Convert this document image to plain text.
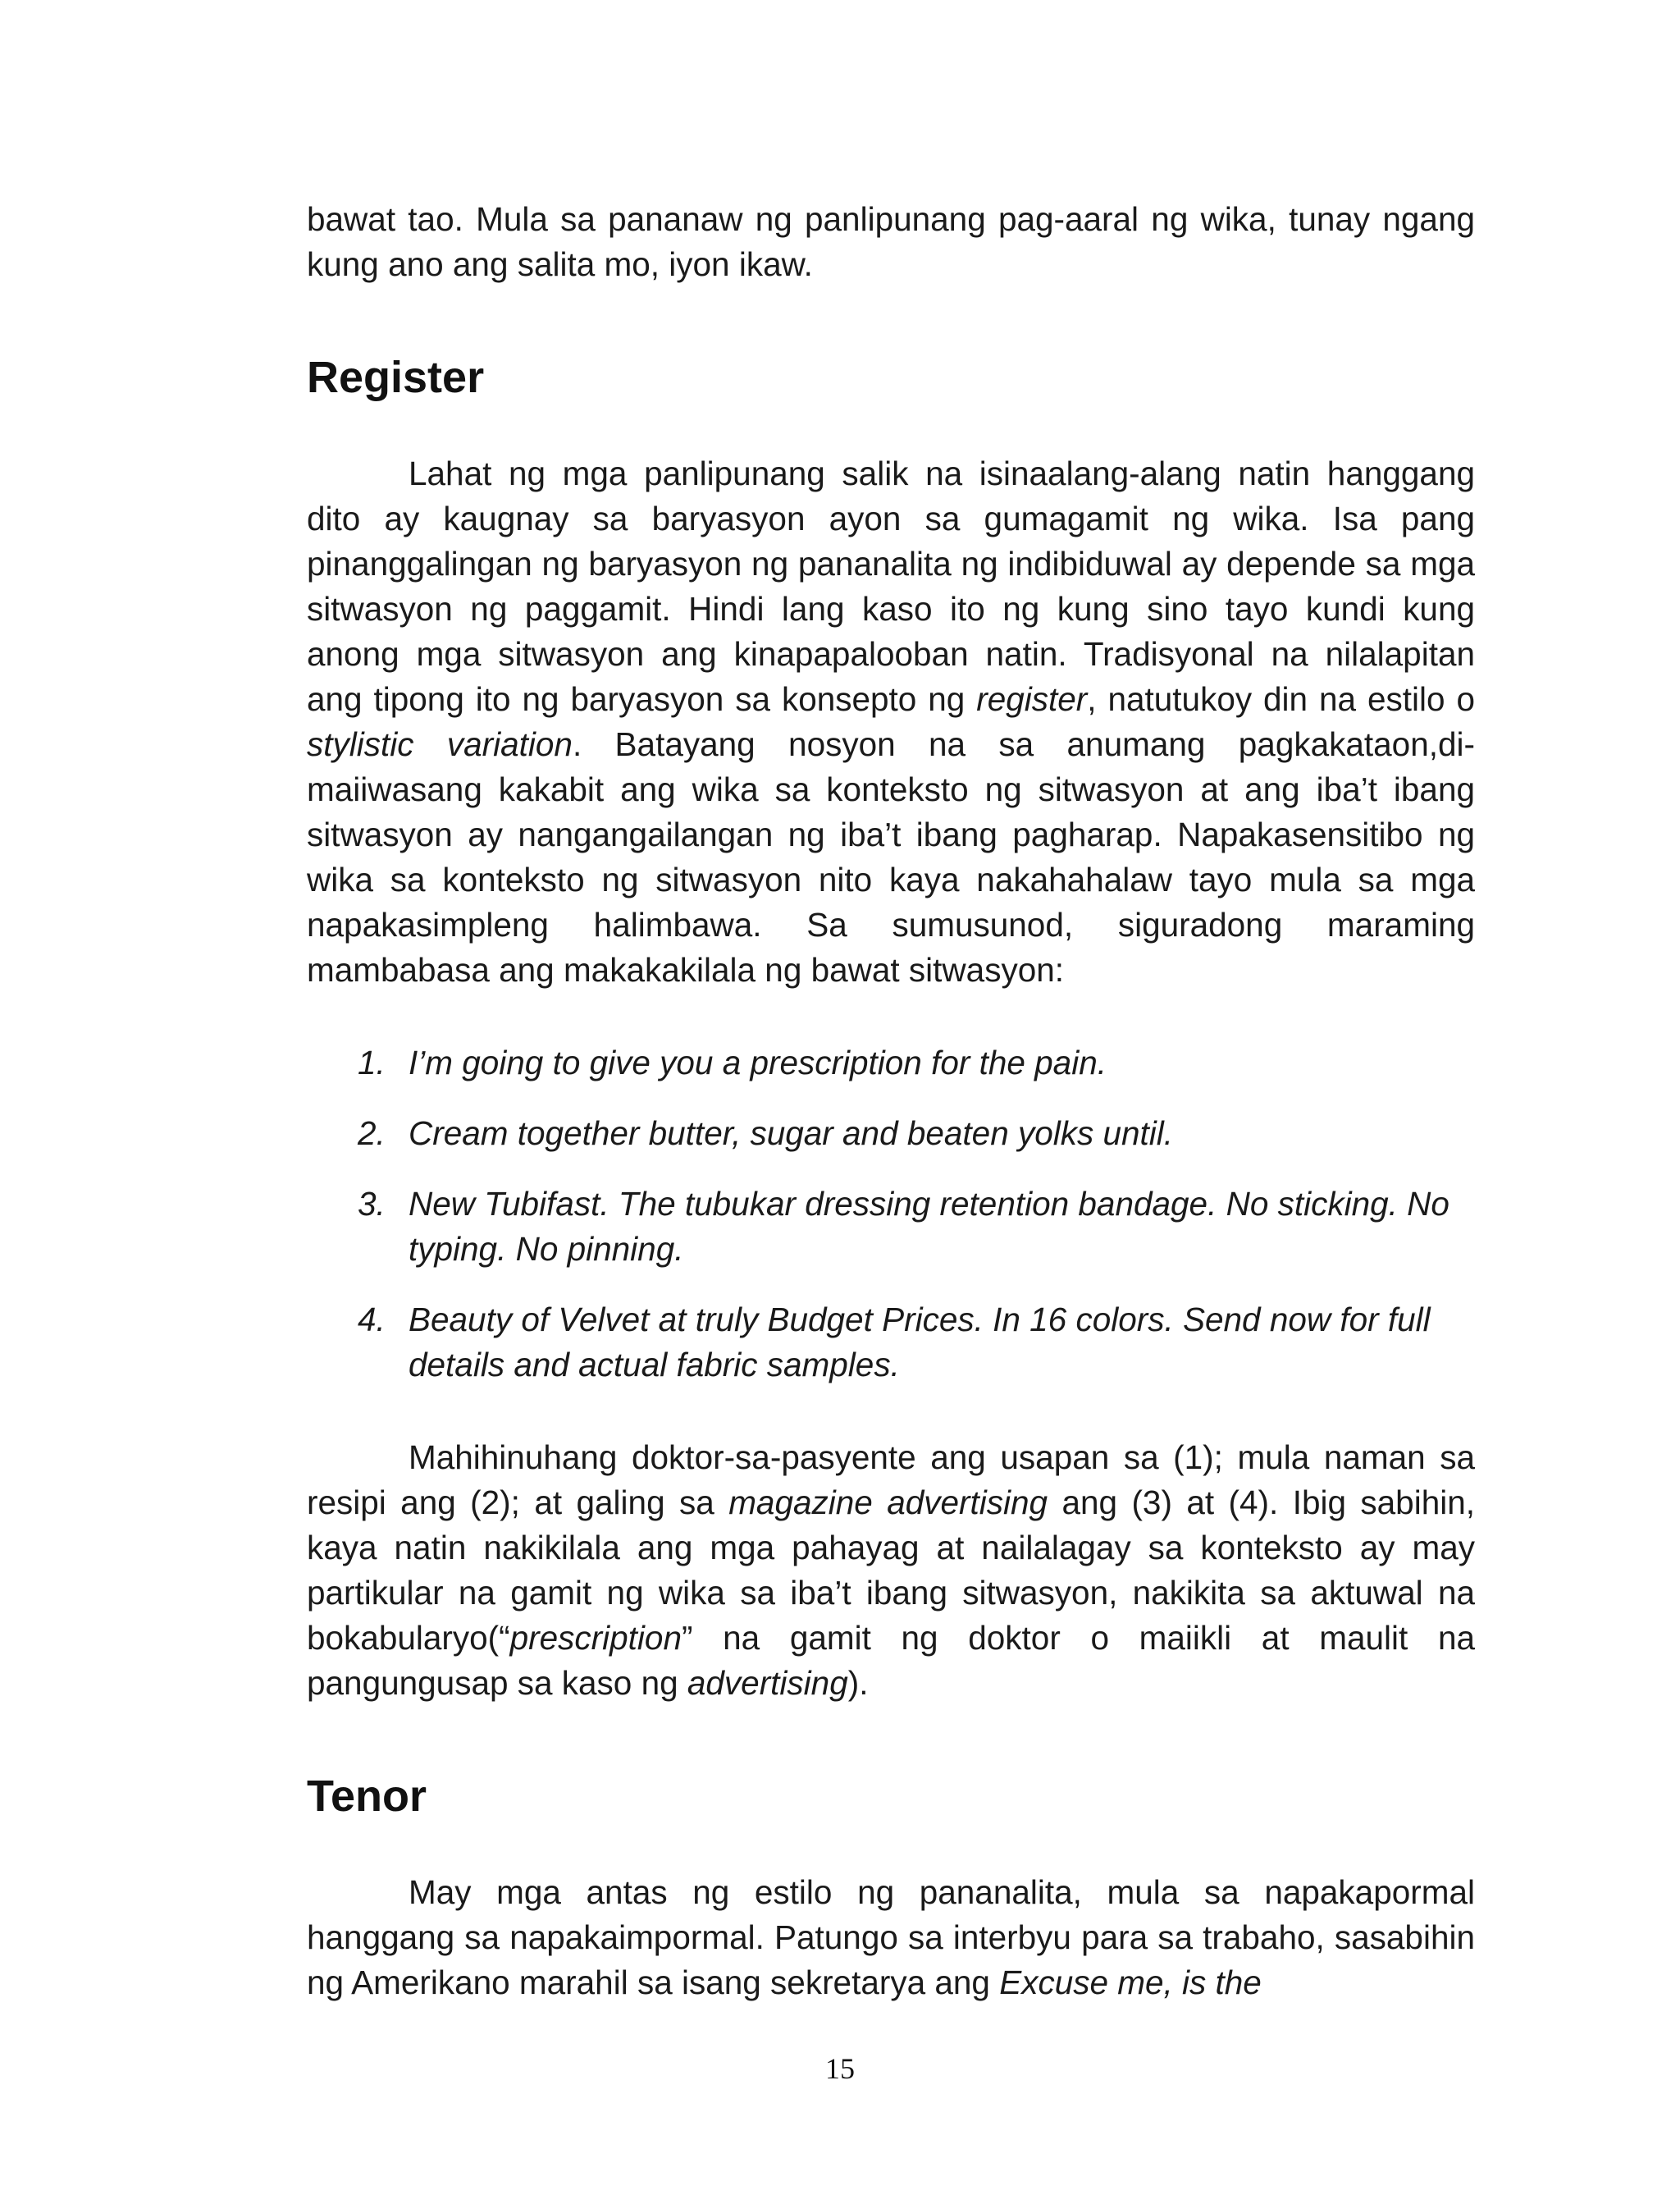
bawat tao. Mula sa pananaw ng panlipunang pag-aaral ng wika, tunay ngang kung ano ang salita mo, iyon ikaw.

Register

Lahat ng mga panlipunang salik na isinaalang-alang natin hanggang dito ay kaugnay sa baryasyon ayon sa gumagamit ng wika. Isa pang pinanggalingan ng baryasyon ng pananalita ng indibiduwal ay depende sa mga sitwasyon ng paggamit. Hindi lang kaso ito ng kung sino tayo kundi kung anong mga sitwasyon ang kinapapalooban natin. Tradisyonal na nilalapitan ang tipong ito ng baryasyon sa konsepto ng register, natutukoy din na estilo o stylistic variation. Batayang nosyon na sa anumang pagkakataon,di-maiiwasang kakabit ang wika sa konteksto ng sitwasyon at ang iba’t ibang sitwasyon ay nangangailangan ng iba’t ibang pagharap. Napakasensitibo ng wika sa konteksto ng sitwasyon nito kaya nakahahalaw tayo mula sa mga napakasimpleng halimbawa. Sa sumusunod, siguradong maraming mambabasa ang makakakilala ng bawat sitwasyon:

1. I’m going to give you a prescription for the pain.
2. Cream together butter, sugar and beaten yolks until.
3. New Tubifast. The tubukar dressing retention bandage. No sticking. No typing. No pinning.
4. Beauty of Velvet at truly Budget Prices. In 16 colors. Send now for full details and actual fabric samples.

Mahihinuhang doktor-sa-pasyente ang usapan sa (1); mula naman sa resipi ang (2); at galing sa magazine advertising ang (3) at (4). Ibig sabihin, kaya natin nakikilala ang mga pahayag at nailalagay sa konteksto ay may partikular na gamit ng wika sa iba’t ibang sitwasyon, nakikita sa aktuwal na bokabularyo(“prescription” na gamit ng doktor o maiikli at maulit na pangungusap sa kaso ng advertising).

Tenor

May mga antas ng estilo ng pananalita, mula sa napakapormal hanggang sa napakaimpormal. Patungo sa interbyu para sa trabaho, sasabihin ng Amerikano marahil sa isang sekretarya ang Excuse me, is the

15
